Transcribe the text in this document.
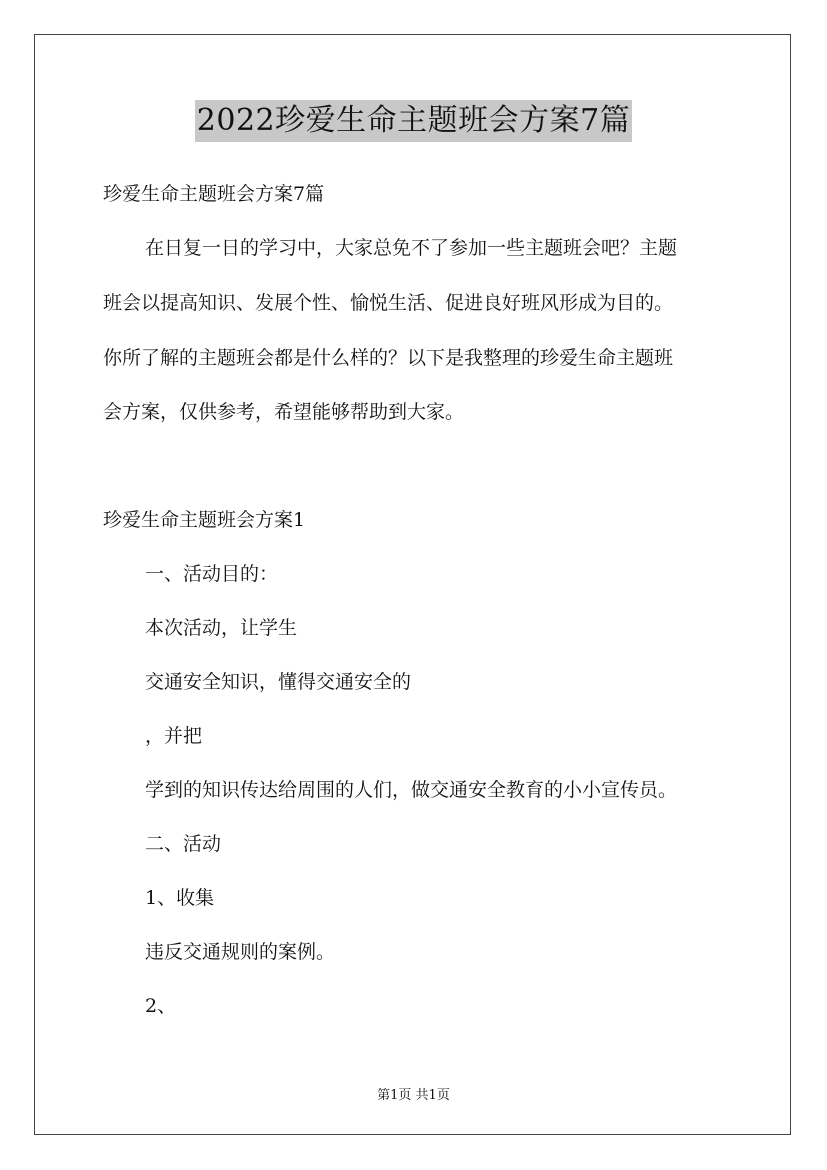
2022珍爱生命主题班会方案7篇
珍爱生命主题班会方案7篇
在日复一日的学习中，大家总免不了参加一些主题班会吧？主题
班会以提高知识、发展个性、愉悦生活、促进良好班风形成为目的。
你所了解的主题班会都是什么样的？以下是我整理的珍爱生命主题班
会方案，仅供参考，希望能够帮助到大家。
珍爱生命主题班会方案1
一、活动目的：
本次活动，让学生
交通安全知识，懂得交通安全的
，并把
学到的知识传达给周围的人们，做交通安全教育的小小宣传员。
二、活动
1、收集
违反交通规则的案例。
2、
第1页 共1页
